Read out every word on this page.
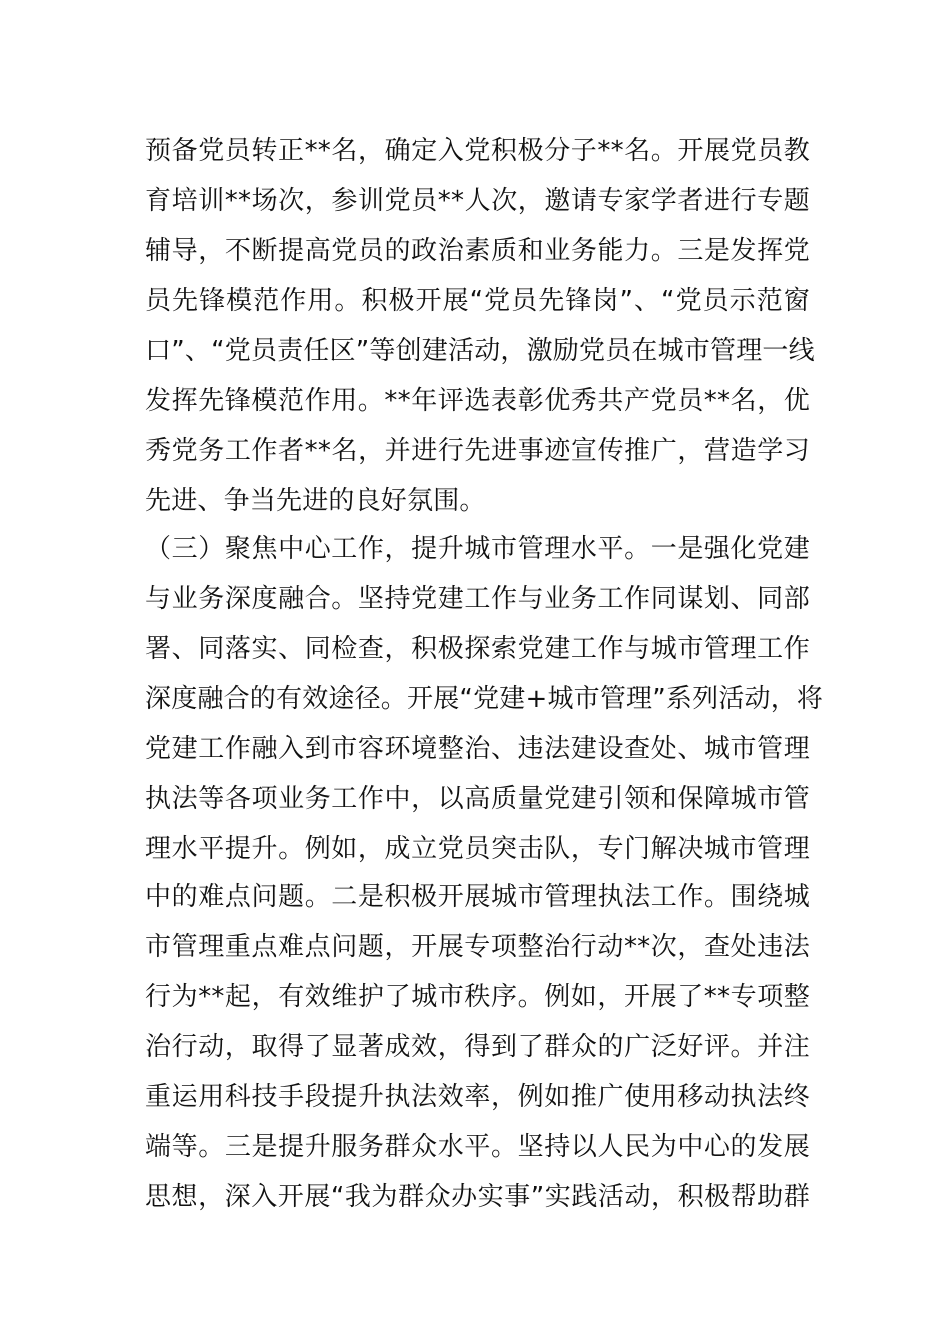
预备党员转正**名，确定入党积极分子**名。开展党员教
育培训**场次，参训党员**人次，邀请专家学者进行专题
辅导，不断提高党员的政治素质和业务能力。三是发挥党
员先锋模范作用。积极开展“党员先锋岗”、“党员示范窗
口”、“党员责任区”等创建活动，激励党员在城市管理一线
发挥先锋模范作用。**年评选表彰优秀共产党员**名，优
秀党务工作者**名，并进行先进事迹宣传推广，营造学习
先进、争当先进的良好氛围。
（三）聚焦中心工作，提升城市管理水平。一是强化党建
与业务深度融合。坚持党建工作与业务工作同谋划、同部
署、同落实、同检查，积极探索党建工作与城市管理工作
深度融合的有效途径。开展“党建+城市管理”系列活动，将
党建工作融入到市容环境整治、违法建设查处、城市管理
执法等各项业务工作中，以高质量党建引领和保障城市管
理水平提升。例如，成立党员突击队，专门解决城市管理
中的难点问题。二是积极开展城市管理执法工作。围绕城
市管理重点难点问题，开展专项整治行动**次，查处违法
行为**起，有效维护了城市秩序。例如，开展了**专项整
治行动，取得了显著成效，得到了群众的广泛好评。并注
重运用科技手段提升执法效率，例如推广使用移动执法终
端等。三是提升服务群众水平。坚持以人民为中心的发展
思想，深入开展“我为群众办实事”实践活动，积极帮助群
